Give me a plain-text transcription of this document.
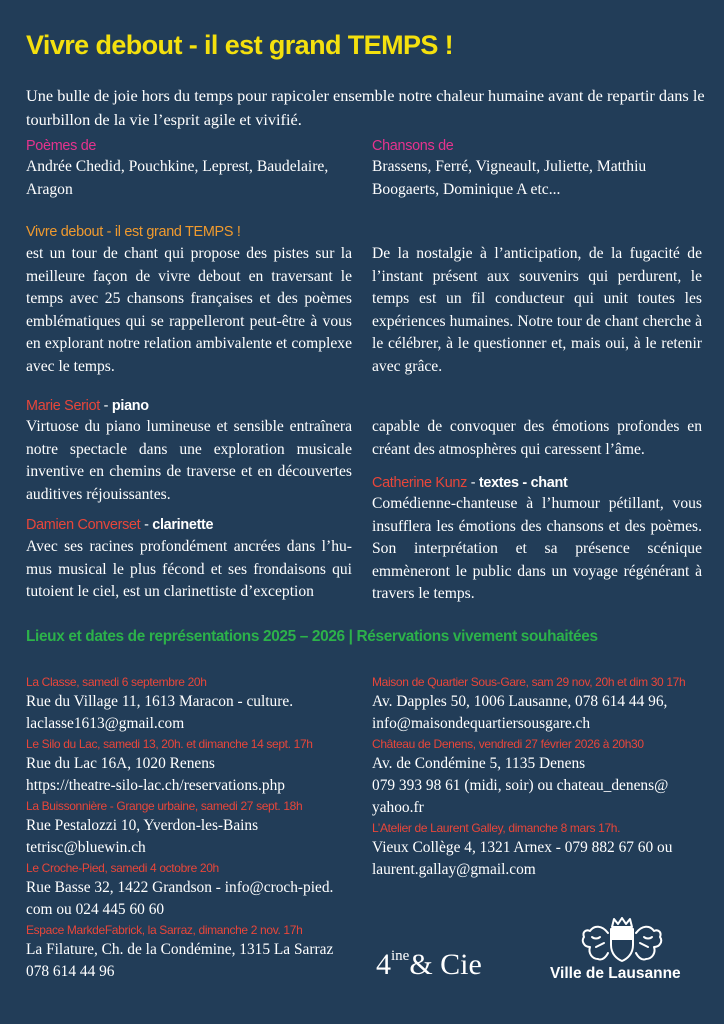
Vivre debout - il est grand TEMPS !
Une bulle de joie hors du temps pour rapicoler ensemble notre chaleur humaine avant de repartir dans le tourbillon de la vie l’esprit agile et vivifié.
Poèmes de
Andrée Chedid, Pouchkine, Leprest, Baudelaire, Aragon
Chansons de
Brassens, Ferré, Vigneault, Juliette, Matthiu Boogaerts, Dominique A etc...
Vivre debout - il est grand TEMPS !
est un tour de chant qui propose des pistes sur la meilleure façon de vivre debout en traversant le temps avec 25 chansons françaises et des poèmes emblématiques qui se rappelleront peut-être à vous en explorant notre relation ambivalente et complexe avec le temps.
De la nostalgie à l’anticipation, de la fugacité de l’instant présent aux souvenirs qui perdurent, le temps est un fil conducteur qui unit toutes les expériences humaines. Notre tour de chant cherche à le célébrer, à le questionner et, mais oui, à le retenir avec grâce.
Marie Seriot - piano
Virtuose du piano lumineuse et sensible entraînera notre spectacle dans une exploration musicale inventive en chemins de traverse et en découvertes auditives réjouissantes.
Damien Converset - clarinette
Avec ses racines profondément ancrées dans l’humus musical le plus fécond et ses frondaisons qui tutoient le ciel, est un clarinettiste d’exception
capable de convoquer des émotions profondes en créant des atmosphères qui caressent l’âme.
Catherine Kunz - textes - chant
Comédienne-chanteuse à l’humour pétillant, vous insufflera les émotions des chansons et des poèmes. Son interprétation et sa présence scénique emmèneront le public dans un voyage régénérant à travers le temps.
Lieux et dates de représentations 2025 – 2026 | Réservations vivement souhaitées
La Classe, samedi 6 septembre 20h
Rue du Village 11, 1613 Maracon - culture.
laclasse1613@gmail.com
Le Silo du Lac, samedi 13, 20h. et dimanche 14 sept. 17h
Rue du Lac 16A, 1020 Renens
https://theatre-silo-lac.ch/reservations.php
La Buissonnière - Grange urbaine, samedi 27 sept. 18h
Rue Pestalozzi 10, Yverdon-les-Bains
tetrisc@bluewin.ch
Le Croche-Pied, samedi 4 octobre 20h
Rue Basse 32, 1422 Grandson - info@croch-pied.
com ou 024 445 60 60
Espace MarkdeFabrick, la Sarraz, dimanche 2 nov. 17h
La Filature, Ch. de la Condémine, 1315 La Sarraz
078 614 44 96
Maison de Quartier Sous-Gare, sam 29 nov, 20h et dim 30 17h
Av. Dapples 50, 1006 Lausanne, 078 614 44 96,
info@maisondequartiersousgare.ch
Château de Denens, vendredi 27 février 2026 à 20h30
Av. de Condémine 5, 1135 Denens
079 393 98 61 (midi, soir) ou chateau_denens@
yahoo.fr
L’Atelier de Laurent Galley, dimanche 8 mars 17h.
Vieux Collège 4, 1321 Arnex - 079 882 67 60 ou
laurent.gallay@gmail.com
$4^{ine}\&$ Cie	Ville de Lausanne
